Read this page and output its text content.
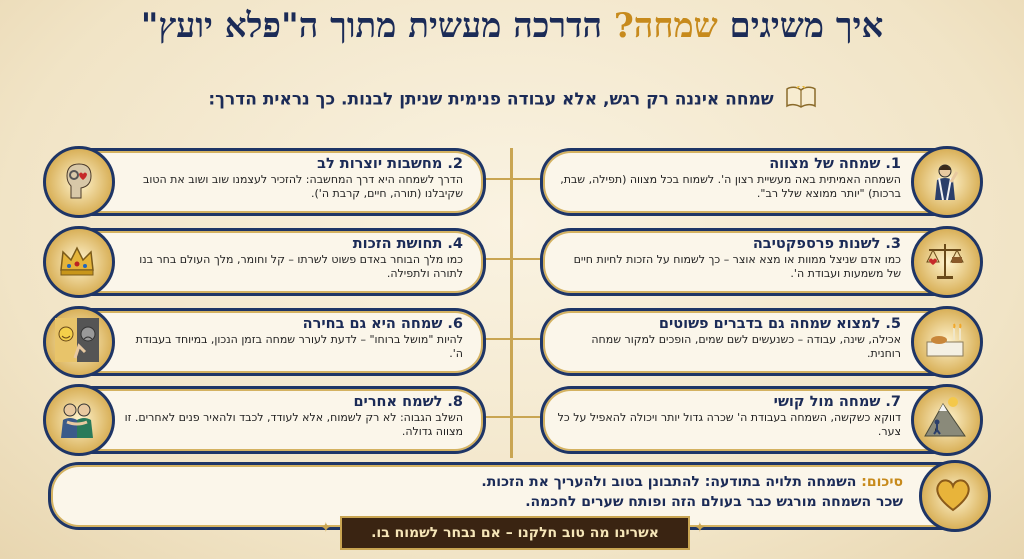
איך משיגים שמחה? הדרכה מעשית מתוך ה"פלא יועץ"
שמחה איננה רק רגש, אלא עבודה פנימית שניתן לבנות. כך נראית הדרך:
1. שמחה של מצווה

השמחה האמיתית באה מעשיית רצון ה'. לשמוח בכל מצווה (תפילה, שבת, ברכות) "יותר ממוצא שלל רב".

2. מחשבות יוצרות לב

הדרך לשמחה היא דרך המחשבה: להזכיר לעצמנו שוב ושוב את הטוב שקיבלנו (תורה, חיים, קרבת ה').

3. לשנות פרספקטיבה

כמו אדם שניצל ממוות או מצא אוצר – כך לשמוח על הזכות לחיות חיים של משמעות ועבודת ה'.

4. תחושת הזכות

כמו מלך הבוחר באדם פשוט לשרתו – קל וחומר, מלך העולם בחר בנו לתורה ולתפילה.

5. למצוא שמחה גם בדברים פשוטים

אכילה, שינה, עבודה – כשנעשים לשם שמים, הופכים למקור שמחה רוחנית.

6. שמחה היא גם בחירה

להיות "מושל ברוחו" – לדעת לעורר שמחה בזמן הנכון, במיוחד בעבודת ה'.

7. שמחה מול קושי

דווקא כשקשה, השמחה בעבודת ה' שכרה גדול יותר ויכולה להאפיל על כל צער.

8. לשמח אחרים

השלב הגבוה: לא רק לשמוח, אלא לעודד, לכבד ולהאיר פנים לאחרים. זו מצווה גדולה.

סיכום: השמחה תלויה בתודעה: להתבונן בטוב ולהעריך את הזכות.
שכר השמחה מורגש כבר בעולם הזה ופותח שערים לחכמה.
אשרינו מה טוב חלקנו – אם נבחר לשמוח בו.
✦	✦
